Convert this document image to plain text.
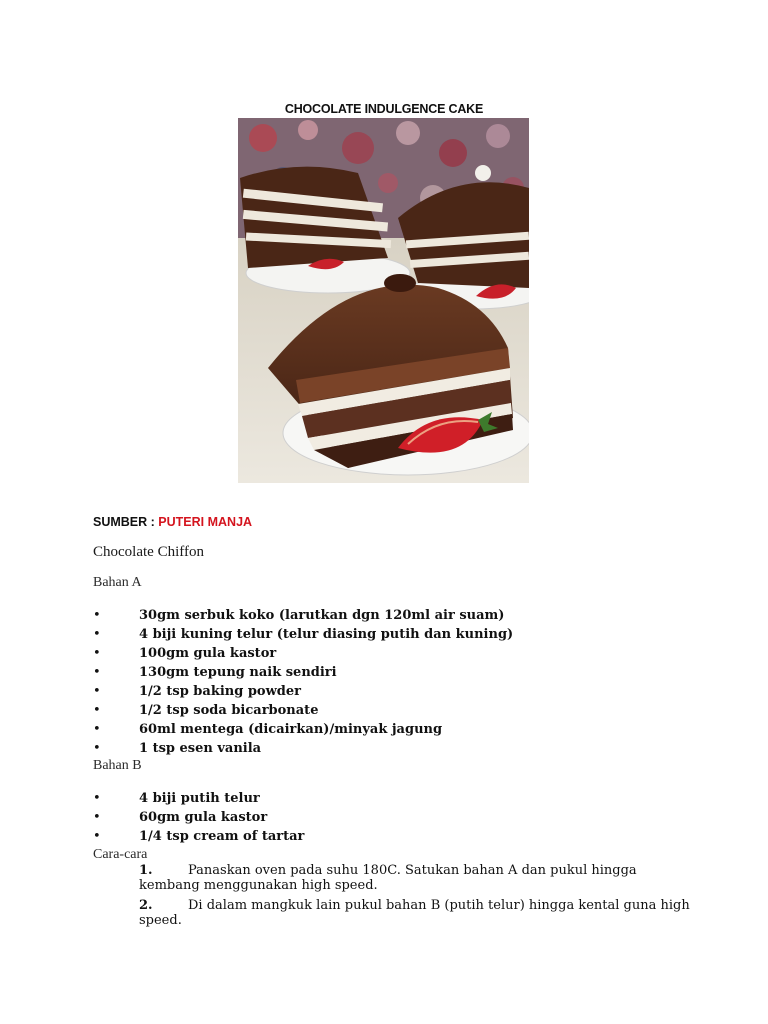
CHOCOLATE INDULGENCE CAKE
SUMBER : PUTERI MANJA
Chocolate Chiffon
Bahan A
•	30gm serbuk koko (larutkan dgn 120ml air suam)
•	4 biji kuning telur (telur diasing putih dan kuning)
•	100gm gula kastor
•	130gm tepung naik sendiri
•	1/2 tsp baking powder
•	1/2 tsp soda bicarbonate
•	60ml mentega (dicairkan)/minyak jagung
•	1 tsp esen vanila
Bahan B
•	4 biji putih telur
•	60gm gula kastor
•	1/4 tsp cream of tartar
Cara-cara
1.	Panaskan oven pada suhu 180C. Satukan bahan A dan pukul hingga kembang menggunakan high speed.
2.	Di dalam mangkuk lain pukul bahan B (putih telur) hingga kental guna high speed.
